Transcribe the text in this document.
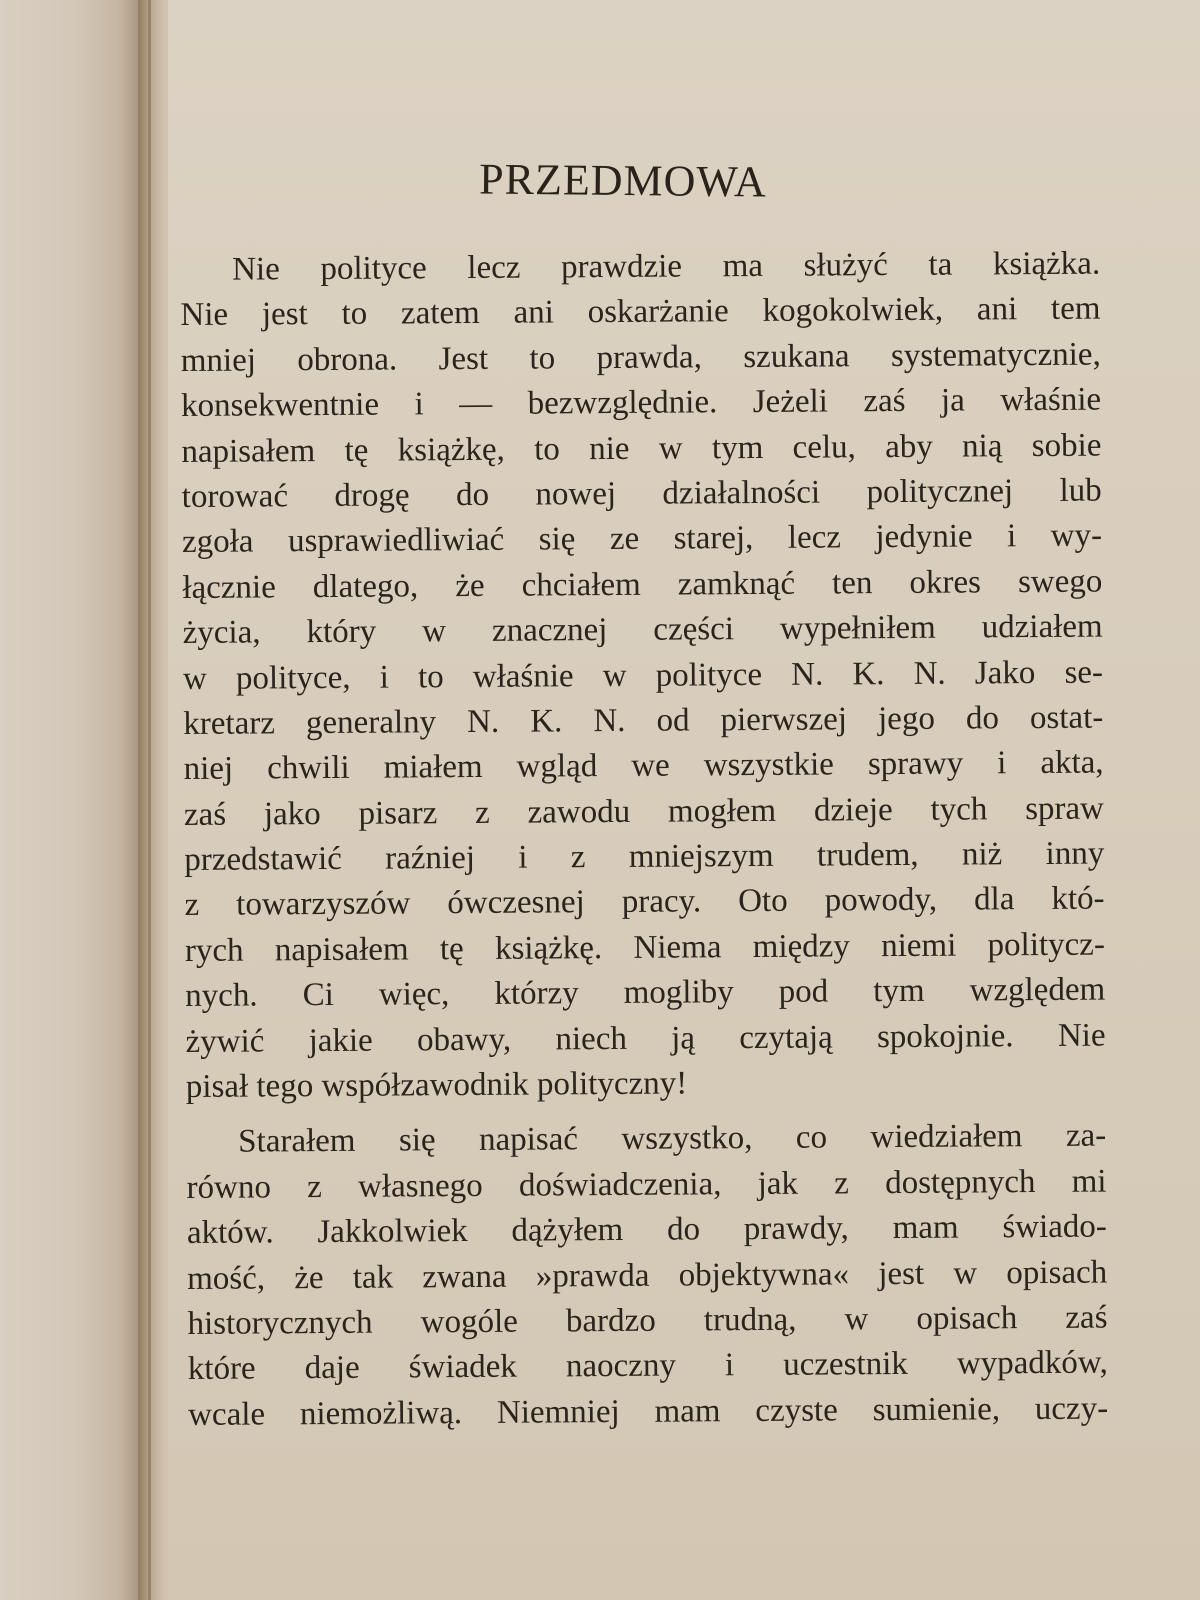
PRZEDMOWA
Nie polityce lecz prawdzie ma służyć ta książka.
Nie jest to zatem ani oskarżanie kogokolwiek, ani tem
mniej obrona. Jest to prawda, szukana systematycznie,
konsekwentnie i — bezwzględnie. Jeżeli zaś ja właśnie
napisałem tę książkę, to nie w tym celu, aby nią sobie
torować drogę do nowej działalności politycznej lub
zgoła usprawiedliwiać się ze starej, lecz jedynie i wy-
łącznie dlatego, że chciałem zamknąć ten okres swego
życia, który w znacznej części wypełniłem udziałem
w polityce, i to właśnie w polityce N. K. N. Jako se-
kretarz generalny N. K. N. od pierwszej jego do ostat-
niej chwili miałem wgląd we wszystkie sprawy i akta,
zaś jako pisarz z zawodu mogłem dzieje tych spraw
przedstawić raźniej i z mniejszym trudem, niż inny
z towarzyszów ówczesnej pracy. Oto powody, dla któ-
rych napisałem tę książkę. Niema między niemi politycz-
nych. Ci więc, którzy mogliby pod tym względem
żywić jakie obawy, niech ją czytają spokojnie. Nie
pisał tego współzawodnik polityczny!
Starałem się napisać wszystko, co wiedziałem za-
równo z własnego doświadczenia, jak z dostępnych mi
aktów. Jakkolwiek dążyłem do prawdy, mam świado-
mość, że tak zwana »prawda objektywna« jest w opisach
historycznych wogóle bardzo trudną, w opisach zaś
które daje świadek naoczny i uczestnik wypadków,
wcale niemożliwą. Niemniej mam czyste sumienie, uczy-
